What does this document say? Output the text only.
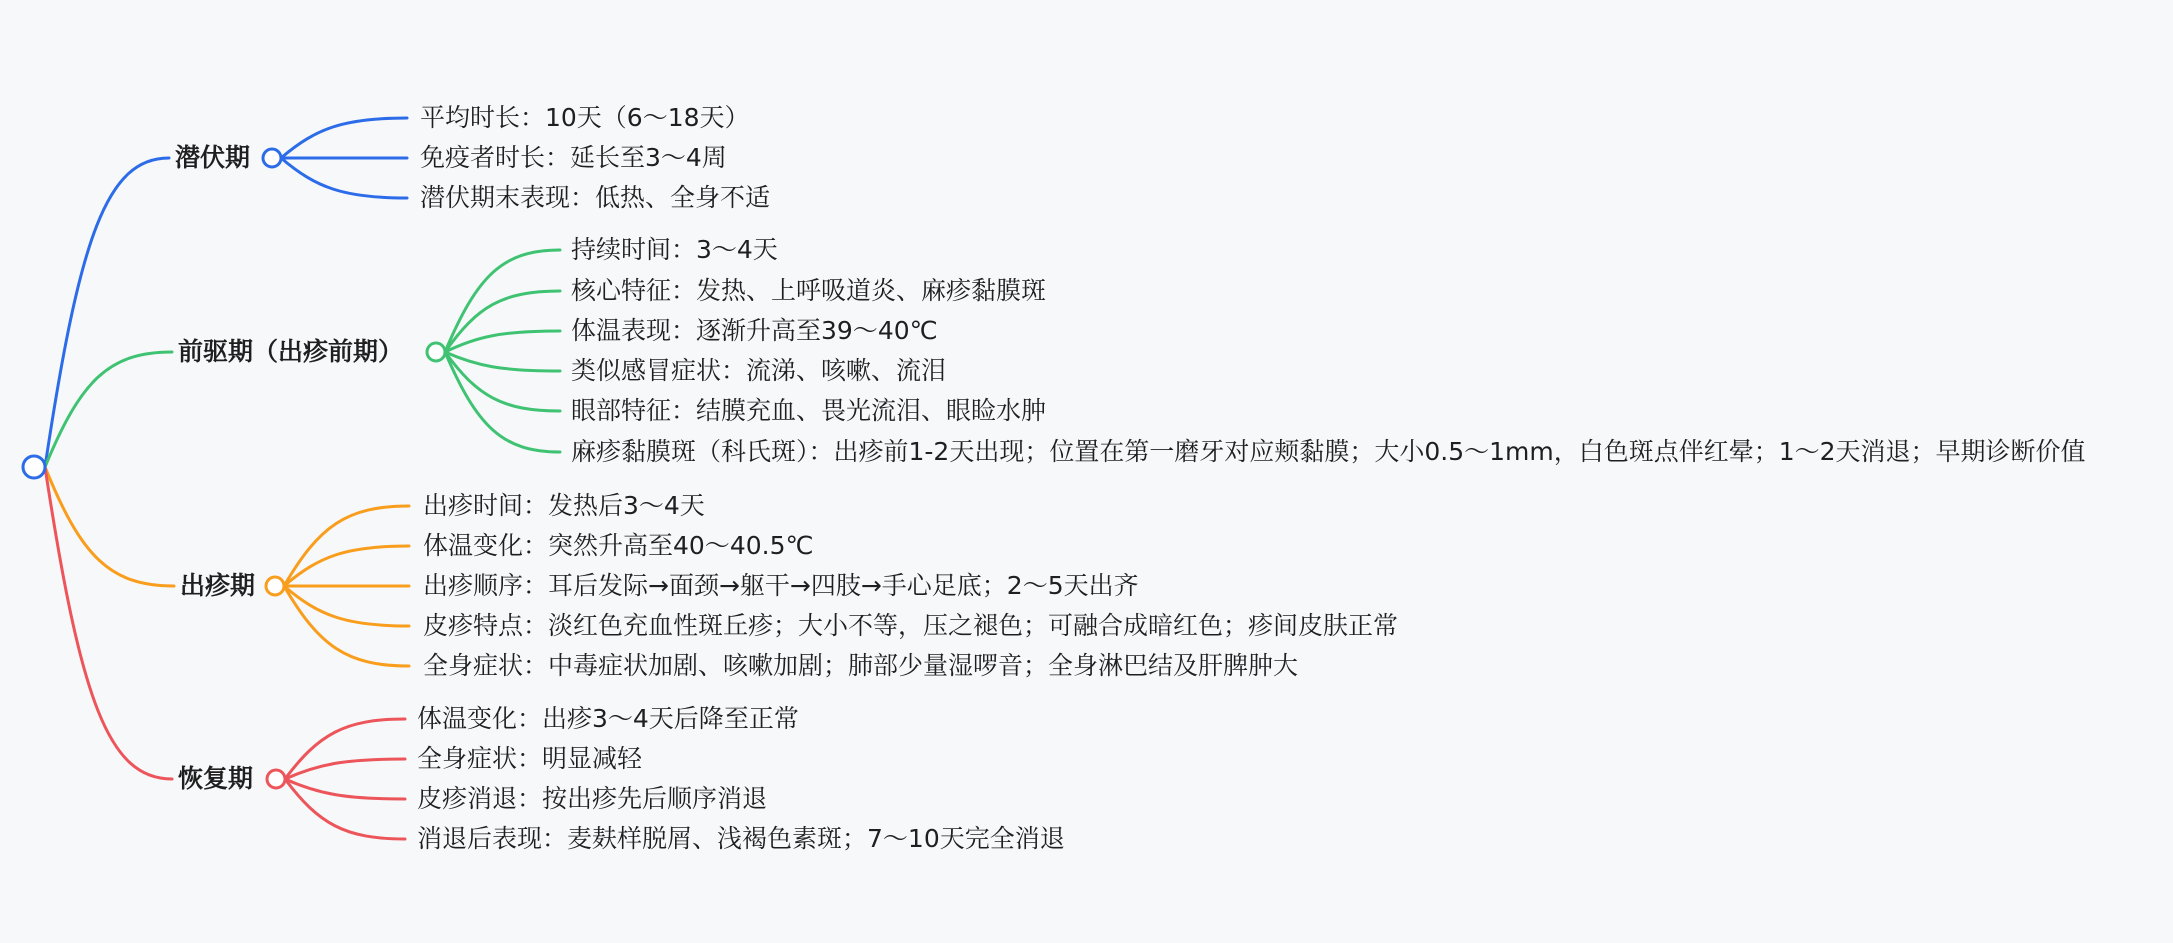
潜伏期
前驱期（出疹前期）
出疹期
恢复期
平均时长：10天（6～18天）
免疫者时长：延长至3～4周
潜伏期末表现：低热、全身不适
持续时间：3～4天
核心特征：发热、上呼吸道炎、麻疹黏膜斑
体温表现：逐渐升高至39～40℃
类似感冒症状：流涕、咳嗽、流泪
眼部特征：结膜充血、畏光流泪、眼睑水肿
麻疹黏膜斑（科氏斑）：出疹前1-2天出现；位置在第一磨牙对应颊黏膜；大小0.5～1mm，白色斑点伴红晕；1～2天消退；早期诊断价值
出疹时间：发热后3～4天
体温变化：突然升高至40～40.5℃
出疹顺序：耳后发际→面颈→躯干→四肢→手心足底；2～5天出齐
皮疹特点：淡红色充血性斑丘疹；大小不等，压之褪色；可融合成暗红色；疹间皮肤正常
全身症状：中毒症状加剧、咳嗽加剧；肺部少量湿啰音；全身淋巴结及肝脾肿大
体温变化：出疹3～4天后降至正常
全身症状：明显减轻
皮疹消退：按出疹先后顺序消退
消退后表现：麦麸样脱屑、浅褐色素斑；7～10天完全消退
